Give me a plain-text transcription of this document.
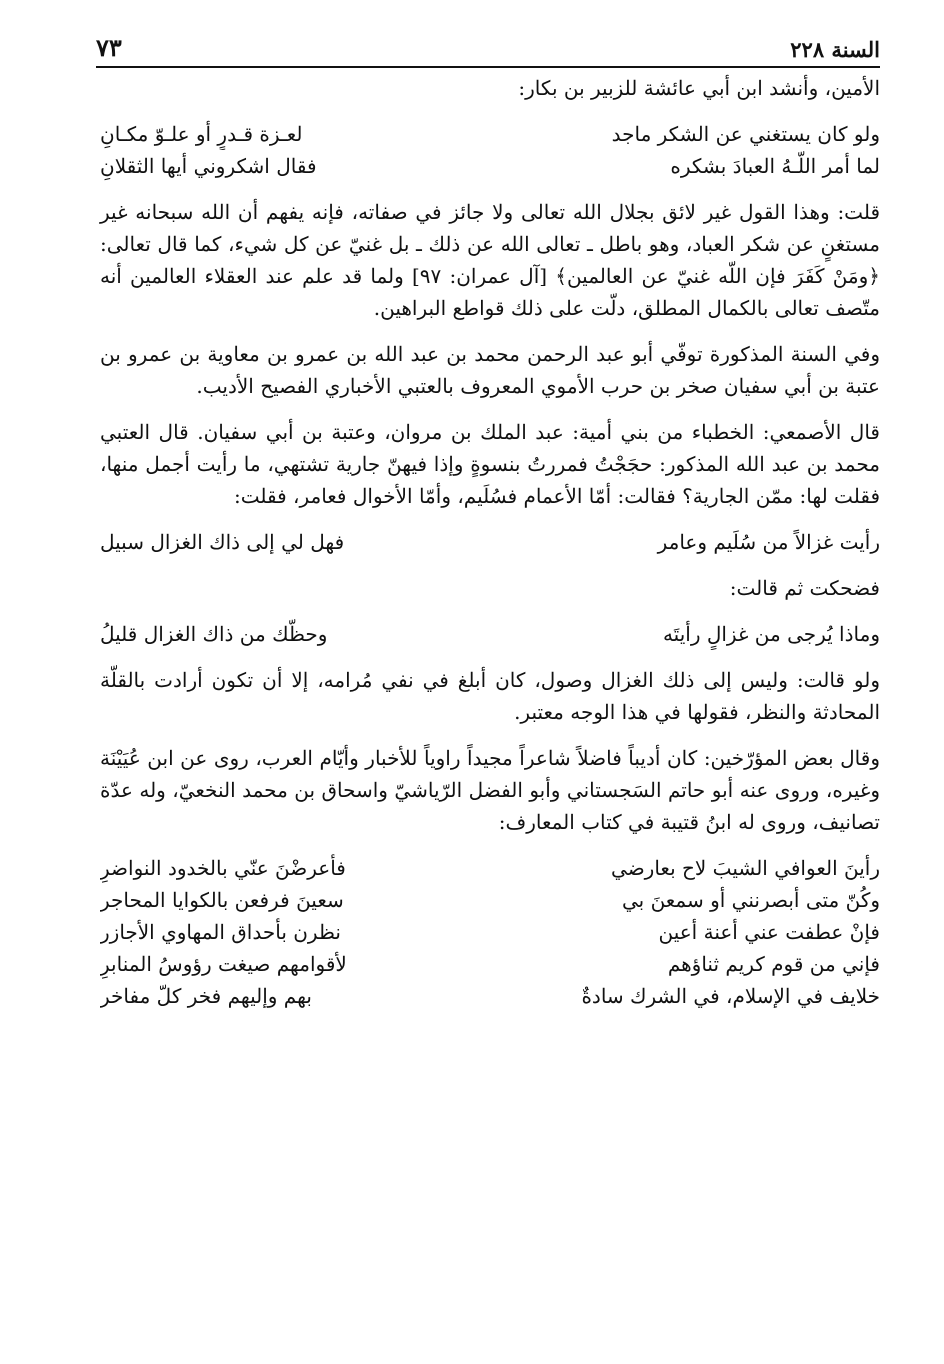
السنة ٢٢٨
٧٣

الأمين، وأنشد ابن أبي عائشة للزبير بن بكار:

ولو كان يستغني عن الشكر ماجد
لعـزة قـدرٍ أو علـوّ مكـانِ
لما أمر اللّـهُ العبادَ بشكره
فقال اشكروني أيها الثقلانِ

قلت: وهذا القول غير لائق بجلال الله تعالى ولا جائز في صفاته، فإنه يفهم أن الله سبحانه غير مستغنٍ عن شكر العباد، وهو باطل ـ تعالى الله عن ذلك ـ بل غنيّ عن كل شيء، كما قال تعالى: ﴿ومَنْ كَفَرَ فإن اللّه غنيّ عن العالمين﴾ [آل عمران: ٩٧] ولما قد علم عند العقلاء العالمين أنه متّصف تعالى بالكمال المطلق، دلّت على ذلك قواطع البراهين.

وفي السنة المذكورة توفّي أبو عبد الرحمن محمد بن عبد الله بن عمرو بن معاوية بن عمرو بن عتبة بن أبي سفيان صخر بن حرب الأموي المعروف بالعتبي الأخباري الفصيح الأديب.

قال الأصمعي: الخطباء من بني أمية: عبد الملك بن مروان، وعتبة بن أبي سفيان. قال العتبي محمد بن عبد الله المذكور: حجَجْتُ فمررتُ بنسوةٍ وإذا فيهنّ جارية تشتهي، ما رأيت أجمل منها، فقلت لها: ممّن الجارية؟ فقالت: أمّا الأعمام فسُلَيم، وأمّا الأخوال فعامر، فقلت:

رأيت غزالاً من سُلَيم وعامر
فهل لي إلى ذاك الغزال سبيل

فضحكت ثم قالت:

وماذا يُرجى من غزالٍ رأيتَه
وحظّك من ذاك الغزال قليلُ

ولو قالت: وليس إلى ذلك الغزال وصول، كان أبلغ في نفي مُرامه، إلا أن تكون أرادت بالقلّة المحادثة والنظر، فقولها في هذا الوجه معتبر.

وقال بعض المؤرّخين: كان أديباً فاضلاً شاعراً مجيداً راوياً للأخبار وأيّام العرب، روى عن ابن عُيَيْنَة وغيره، وروى عنه أبو حاتم السَجستاني وأبو الفضل الرّياشيّ واسحاق بن محمد النخعيّ، وله عدّة تصانيف، وروى له ابنُ قتيبة في كتاب المعارف:

رأينَ العوافي الشيبَ لاح بعارضي
فأعرضْنَ عنّي بالخدود النواضرِ
وكُنّ متى أبصرنني أو سمعنَ بي
سعينَ فرفعن بالكوايا المحاجر
فإنْ عطفت عني أعنة أعين
نظرن بأحداق المهاوي الأجازر
فإني من قوم كريم ثناؤهم
لأقوامهم صيغت رؤوسُ المنابرِ
خلايف في الإسلام، في الشرك سادةٌ
بهم وإليهم فخر كلّ مفاخر
